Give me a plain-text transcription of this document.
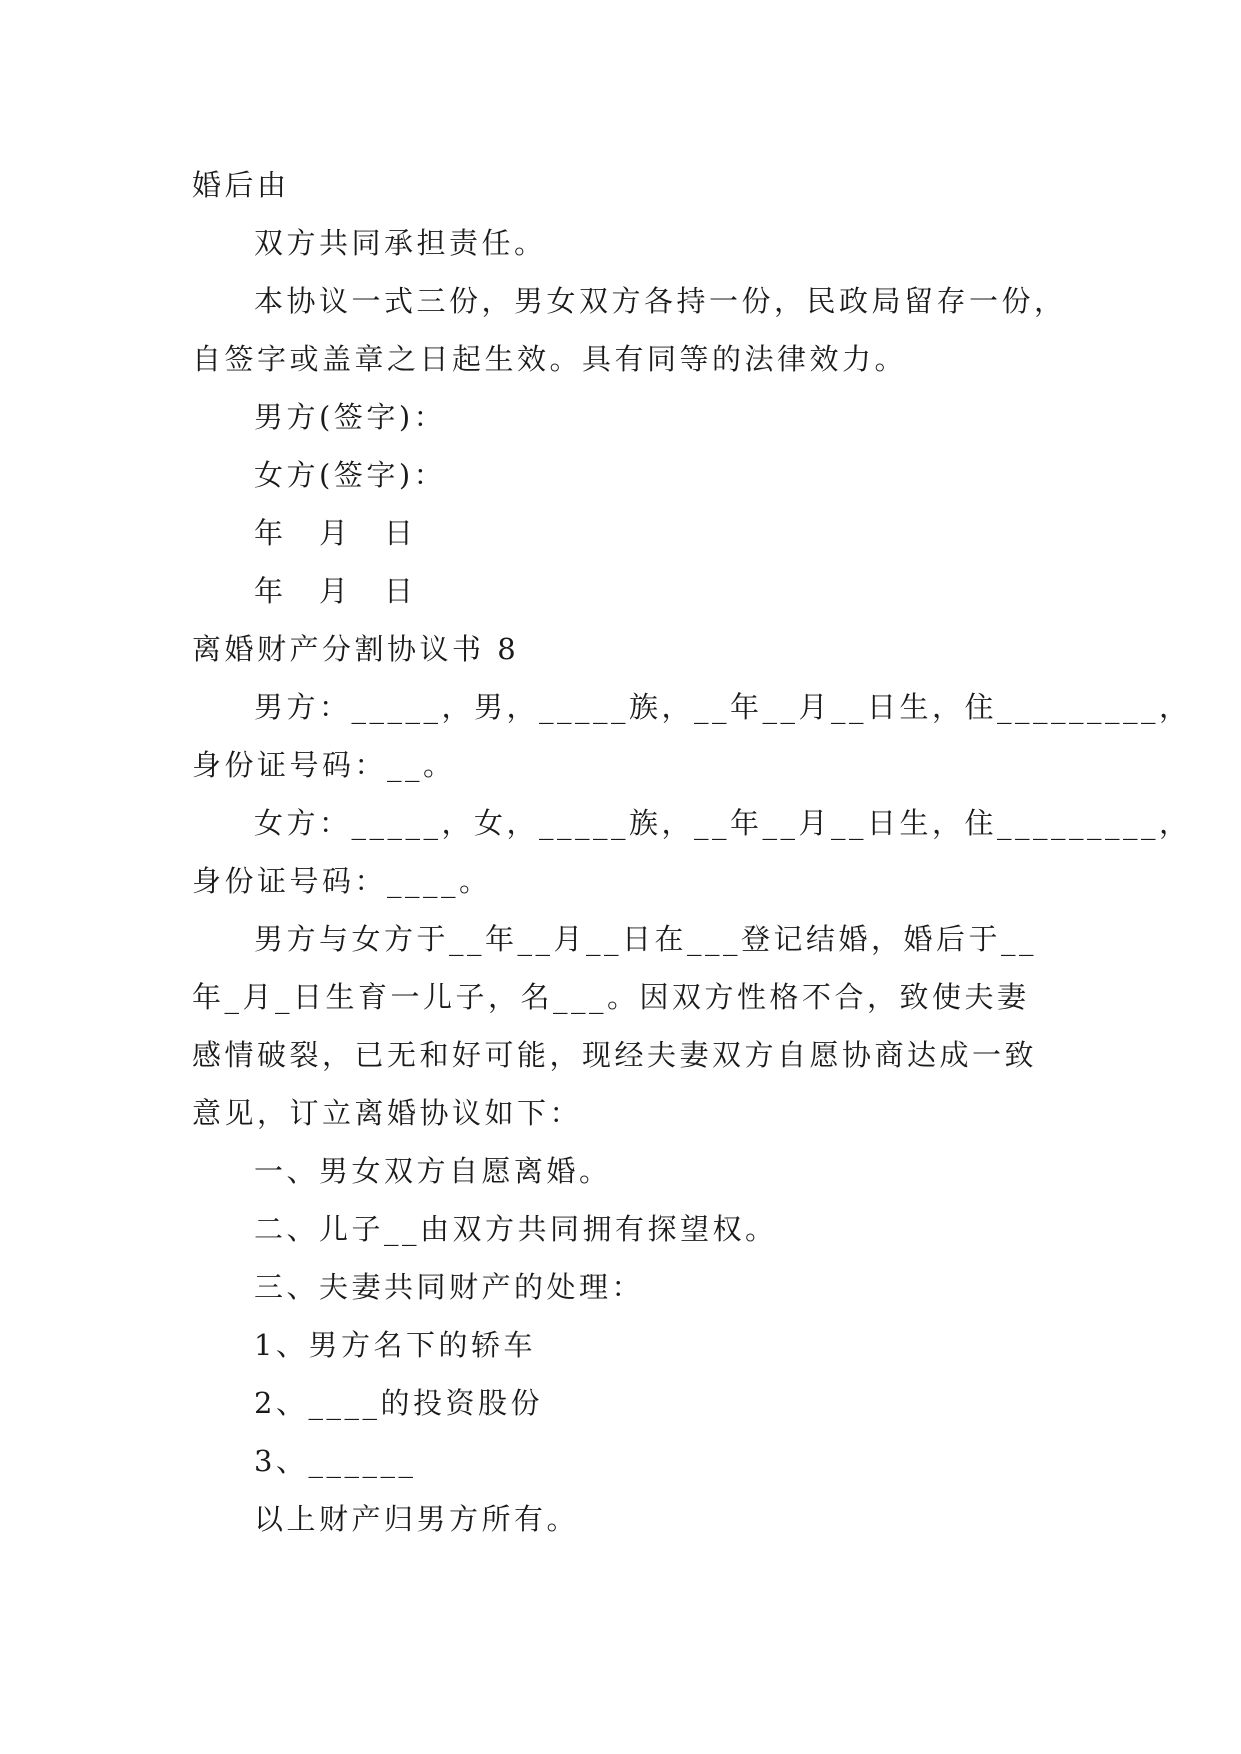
婚后由

双方共同承担责任。

本协议一式三份，男女双方各持一份，民政局留存一份，

自签字或盖章之日起生效。具有同等的法律效力。

男方(签字)：

女方(签字)：

年　月　日

年　月　日

离婚财产分割协议书 8

男方：_____，男，_____族，__年__月__日生，住_________，

身份证号码：__。

女方：_____，女，_____族，__年__月__日生，住_________，

身份证号码：____。

男方与女方于__年__月__日在___登记结婚，婚后于__

年_月_日生育一儿子，名___。因双方性格不合，致使夫妻

感情破裂，已无和好可能，现经夫妻双方自愿协商达成一致

意见，订立离婚协议如下：

一、男女双方自愿离婚。

二、儿子__由双方共同拥有探望权。

三、夫妻共同财产的处理：

1、男方名下的轿车

2、____的投资股份

3、______

以上财产归男方所有。
